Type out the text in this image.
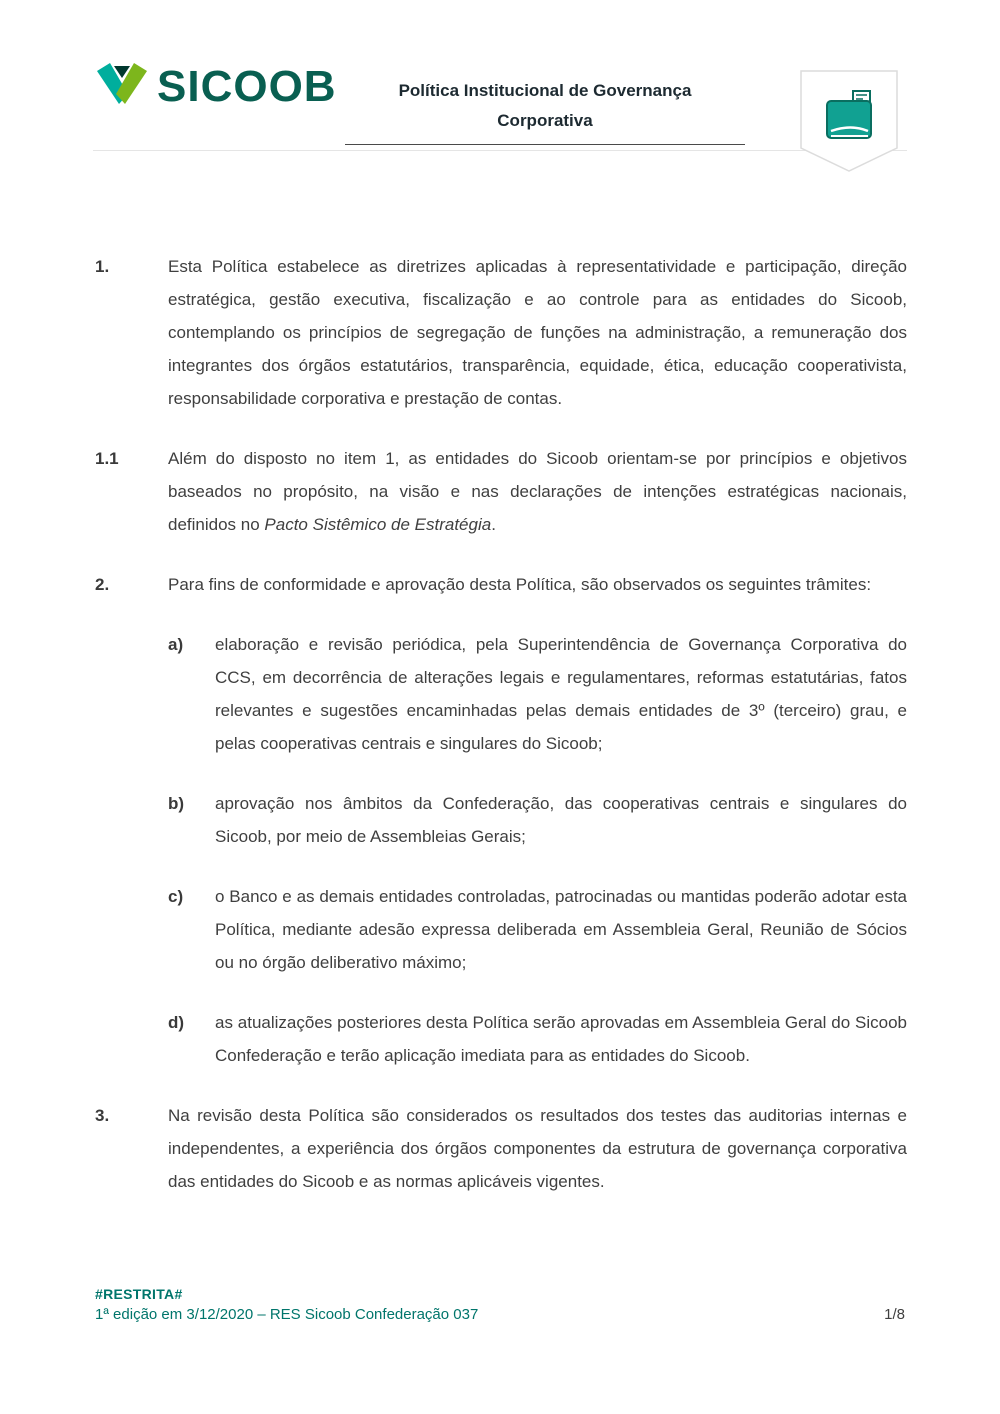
SICOOB	Política Institucional de Governança
Corporativa
1.	Esta Política estabelece as diretrizes aplicadas à representatividade e participação, direção estratégica, gestão executiva, fiscalização e ao controle para as entidades do Sicoob, contemplando os princípios de segregação de funções na administração, a remuneração dos integrantes dos órgãos estatutários, transparência, equidade, ética, educação cooperativista, responsabilidade corporativa e prestação de contas.
1.1	Além do disposto no item 1, as entidades do Sicoob orientam-se por princípios e objetivos baseados no propósito, na visão e nas declarações de intenções estratégicas nacionais, definidos no Pacto Sistêmico de Estratégia.
2.	Para fins de conformidade e aprovação desta Política, são observados os seguintes trâmites:
a) elaboração e revisão periódica, pela Superintendência de Governança Corporativa do CCS, em decorrência de alterações legais e regulamentares, reformas estatutárias, fatos relevantes e sugestões encaminhadas pelas demais entidades de 3º (terceiro) grau, e pelas cooperativas centrais e singulares do Sicoob;
b) aprovação nos âmbitos da Confederação, das cooperativas centrais e singulares do Sicoob, por meio de Assembleias Gerais;
c) o Banco e as demais entidades controladas, patrocinadas ou mantidas poderão adotar esta Política, mediante adesão expressa deliberada em Assembleia Geral, Reunião de Sócios ou no órgão deliberativo máximo;
d) as atualizações posteriores desta Política serão aprovadas em Assembleia Geral do Sicoob Confederação e terão aplicação imediata para as entidades do Sicoob.
3.	Na revisão desta Política são considerados os resultados dos testes das auditorias internas e independentes, a experiência dos órgãos componentes da estrutura de governança corporativa das entidades do Sicoob e as normas aplicáveis vigentes.
#RESTRITA#
1ª edição em 3/12/2020 – RES Sicoob Confederação 037	1/8
